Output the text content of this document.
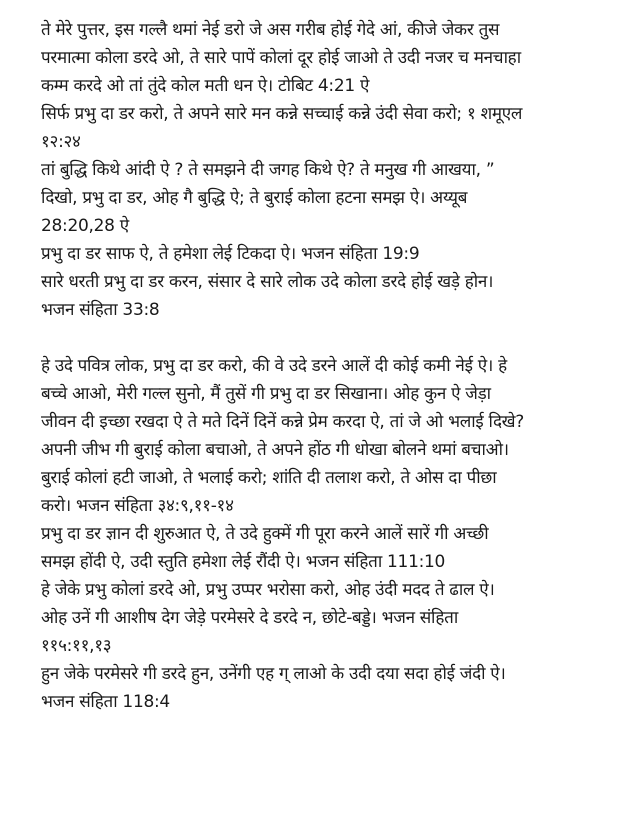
ते मेरे पुत्तर, इस गल्लै थमां नेई डरो जे अस गरीब होई गेदे आं, कीजे जेकर तुस

परमात्मा कोला डरदे ओ, ते सारे पापें कोलां दूर होई जाओ ते उदी नजर च मनचाहा

कम्म करदे ओ तां तुंदे कोल मती धन ऐ। टोबिट 4:21 ऐ

सिर्फ प्रभु दा डर करो, ते अपने सारे मन कन्ने सच्चाई कन्ने उंदी सेवा करो; १ शमूएल

१२:२४

तां बुद्धि किथे आंदी ऐ ? ते समझने दी जगह किथे ऐ? ते मनुख गी आखया, ”

दिखो, प्रभु दा डर, ओह गै बुद्धि ऐ; ते बुराई कोला हटना समझ ऐ। अय्यूब

28:20,28 ऐ

प्रभु दा डर साफ ऐ, ते हमेशा लेई टिकदा ऐ। भजन संहिता 19:9

सारे धरती प्रभु दा डर करन, संसार दे सारे लोक उदे कोला डरदे होई खड़े होन।

भजन संहिता 33:8

हे उदे पवित्र लोक, प्रभु दा डर करो, की वे उदे डरने आलें दी कोई कमी नेई ऐ। हे

बच्चे आओ, मेरी गल्ल सुनो, मैं तुसें गी प्रभु दा डर सिखाना। ओह कुन ऐ जेड़ा

जीवन दी इच्छा रखदा ऐ ते मते दिनें दिनें कन्ने प्रेम करदा ऐ, तां जे ओ भलाई दिखे?

अपनी जीभ गी बुराई कोला बचाओ, ते अपने होंठ गी धोखा बोलने थमां बचाओ।

बुराई कोलां हटी जाओ, ते भलाई करो; शांति दी तलाश करो, ते ओस दा पीछा

करो। भजन संहिता ३४:९,११-१४

प्रभु दा डर ज्ञान दी शुरुआत ऐ, ते उदे हुक्में गी पूरा करने आलें सारें गी अच्छी

समझ होंदी ऐ, उदी स्तुति हमेशा लेई रौंदी ऐ। भजन संहिता 111:10

हे जेके प्रभु कोलां डरदे ओ, प्रभु उप्पर भरोसा करो, ओह उंदी मदद ते ढाल ऐ।

ओह उनें गी आशीष देग जेड़े परमेसरे दे डरदे न, छोटे-बड्डे। भजन संहिता

११५:११,१३

हुन जेके परमेसरे गी डरदे हुन, उनेंगी एह ग् लाओ के उदी दया सदा होई जंदी ऐ।

भजन संहिता 118:4
